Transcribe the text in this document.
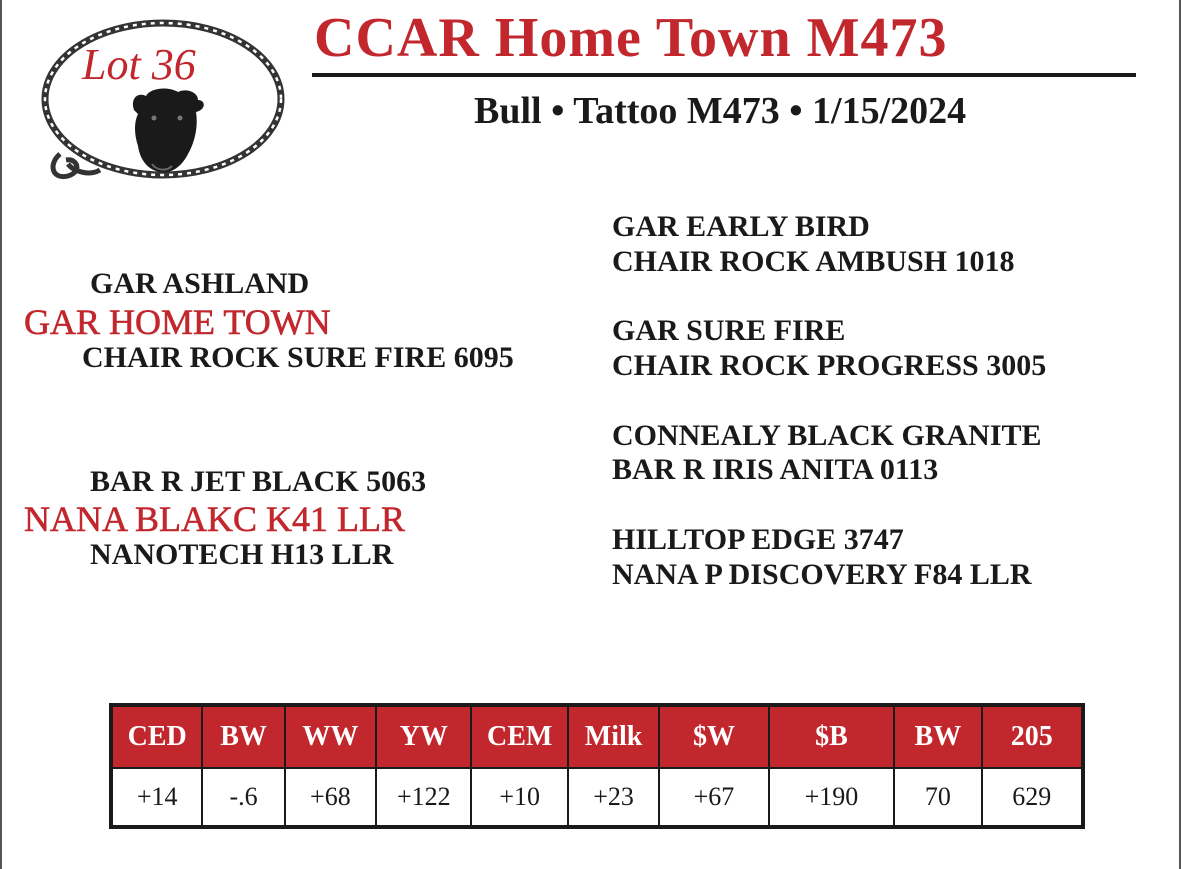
Lot 36	CCAR Home Town M473
Bull • Tattoo M473 • 1/15/2024
GAR ASHLAND
GAR HOME TOWN
CHAIR ROCK SURE FIRE 6095
BAR R JET BLACK 5063
NANA BLAKC K41 LLR
NANOTECH H13 LLR
GAR EARLY BIRD
CHAIR ROCK AMBUSH 1018
GAR SURE FIRE
CHAIR ROCK PROGRESS 3005
CONNEALY BLACK GRANITE
BAR R IRIS ANITA 0113
HILLTOP EDGE 3747
NANA P DISCOVERY F84 LLR
CED	BW	WW	YW	CEM	Milk	$W	$B	BW	205
+14	-.6	+68	+122	+10	+23	+67	+190	70	629
